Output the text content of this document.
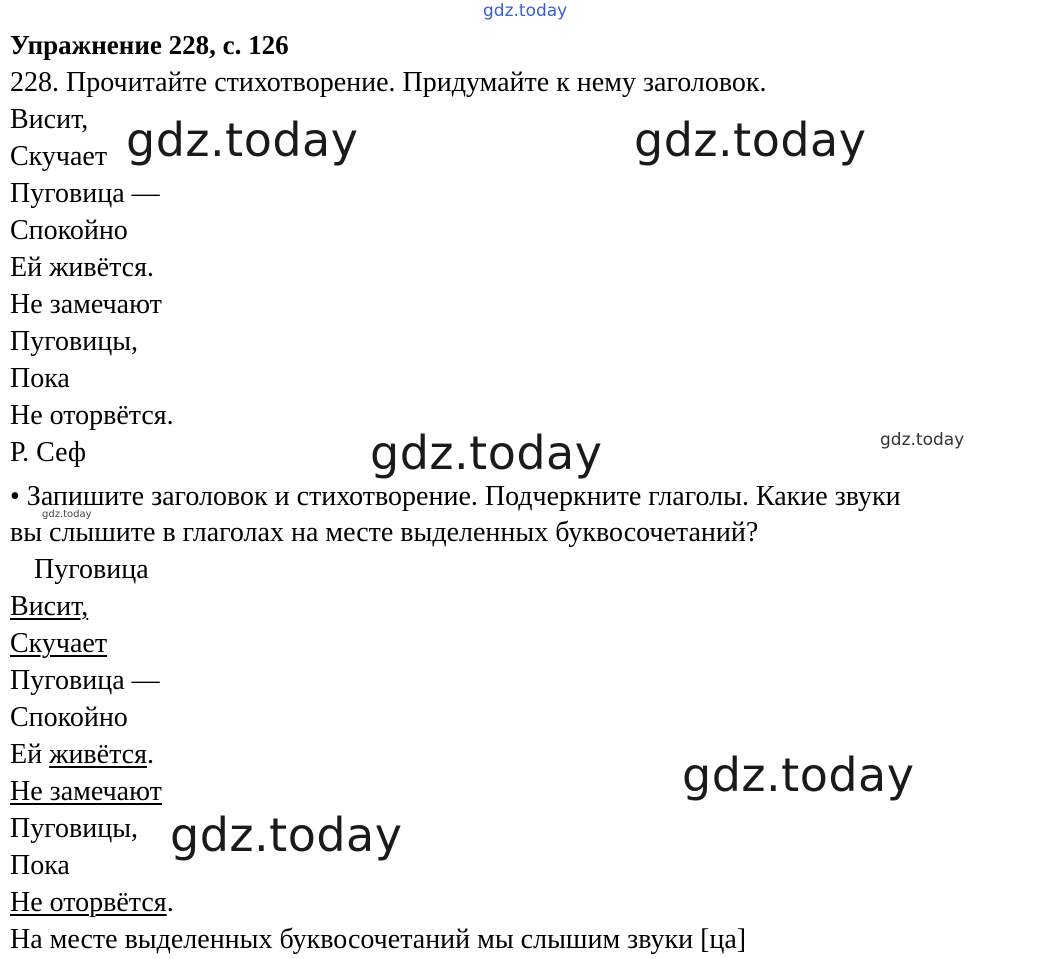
gdz.today
gdz.today	gdz.today
gdz.today	gdz.today
gdz.today
gdz.today
gdz.today
Упражнение 228, с. 126
228. Прочитайте стихотворение. Придумайте к нему заголовок.
Висит,
Скучает
Пуговица —
Спокойно
Ей живётся.
Не замечают
Пуговицы,
Пока
Не оторвётся.
Р. Сеф
• Запишите заголовок и стихотворение. Подчеркните глаголы. Какие звуки
вы слышите в глаголах на месте выделенных буквосочетаний?
Пуговица
Висит,
Скучает
Пуговица —
Спокойно
Ей живётся.
Не замечают
Пуговицы,
Пока
Не оторвётся.
На месте выделенных буквосочетаний мы слышим звуки [ца]
